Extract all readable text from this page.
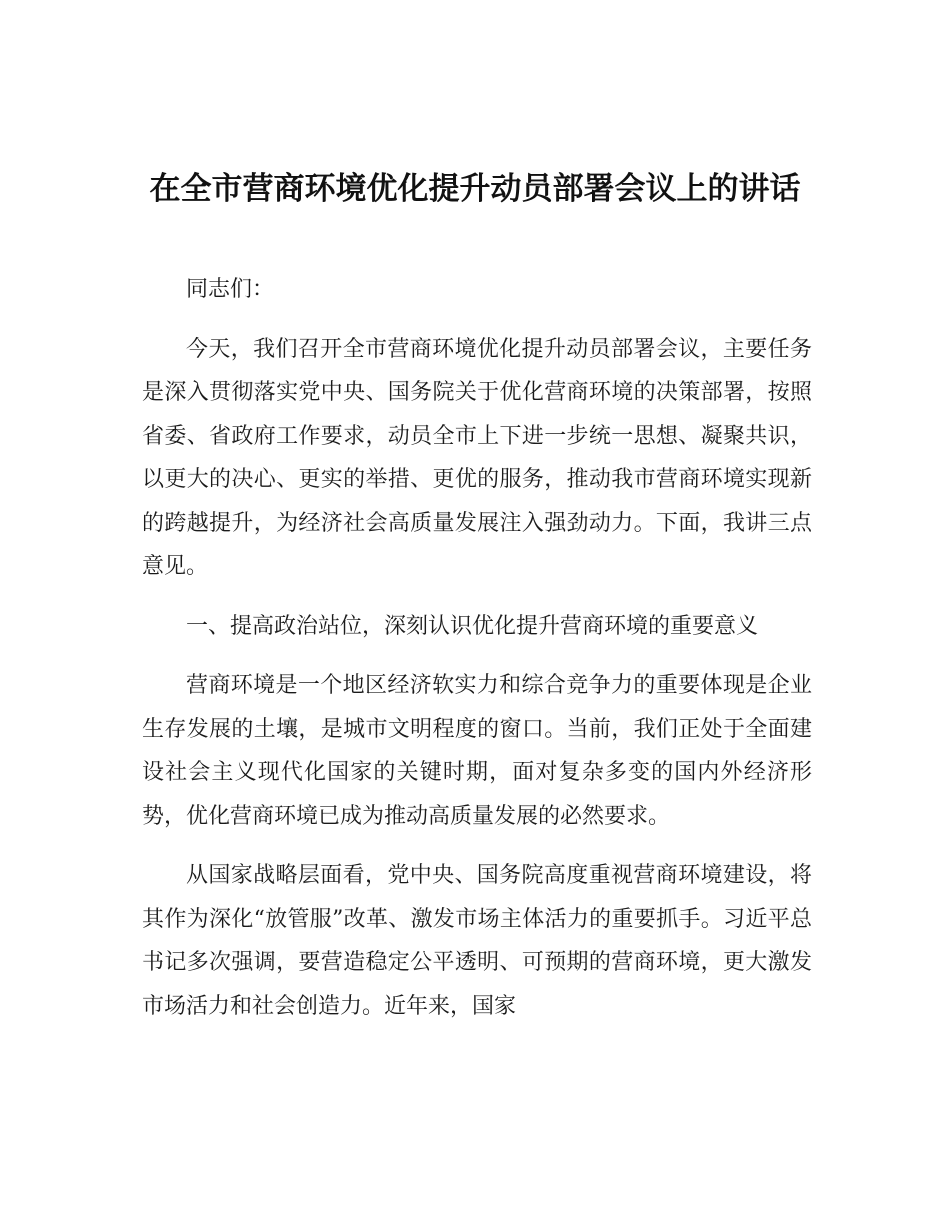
在全市营商环境优化提升动员部署会议上的讲话

同志们：

今天，我们召开全市营商环境优化提升动员部署会议，主要任务是深入贯彻落实党中央、国务院关于优化营商环境的决策部署，按照省委、省政府工作要求，动员全市上下进一步统一思想、凝聚共识，以更大的决心、更实的举措、更优的服务，推动我市营商环境实现新的跨越提升，为经济社会高质量发展注入强劲动力。下面，我讲三点意见。

一、提高政治站位，深刻认识优化提升营商环境的重要意义

营商环境是一个地区经济软实力和综合竞争力的重要体现是企业生存发展的土壤，是城市文明程度的窗口。当前，我们正处于全面建设社会主义现代化国家的关键时期，面对复杂多变的国内外经济形势，优化营商环境已成为推动高质量发展的必然要求。

从国家战略层面看，党中央、国务院高度重视营商环境建设，将其作为深化“放管服”改革、激发市场主体活力的重要抓手。习近平总书记多次强调，要营造稳定公平透明、可预期的营商环境，更大激发市场活力和社会创造力。近年来，国家
